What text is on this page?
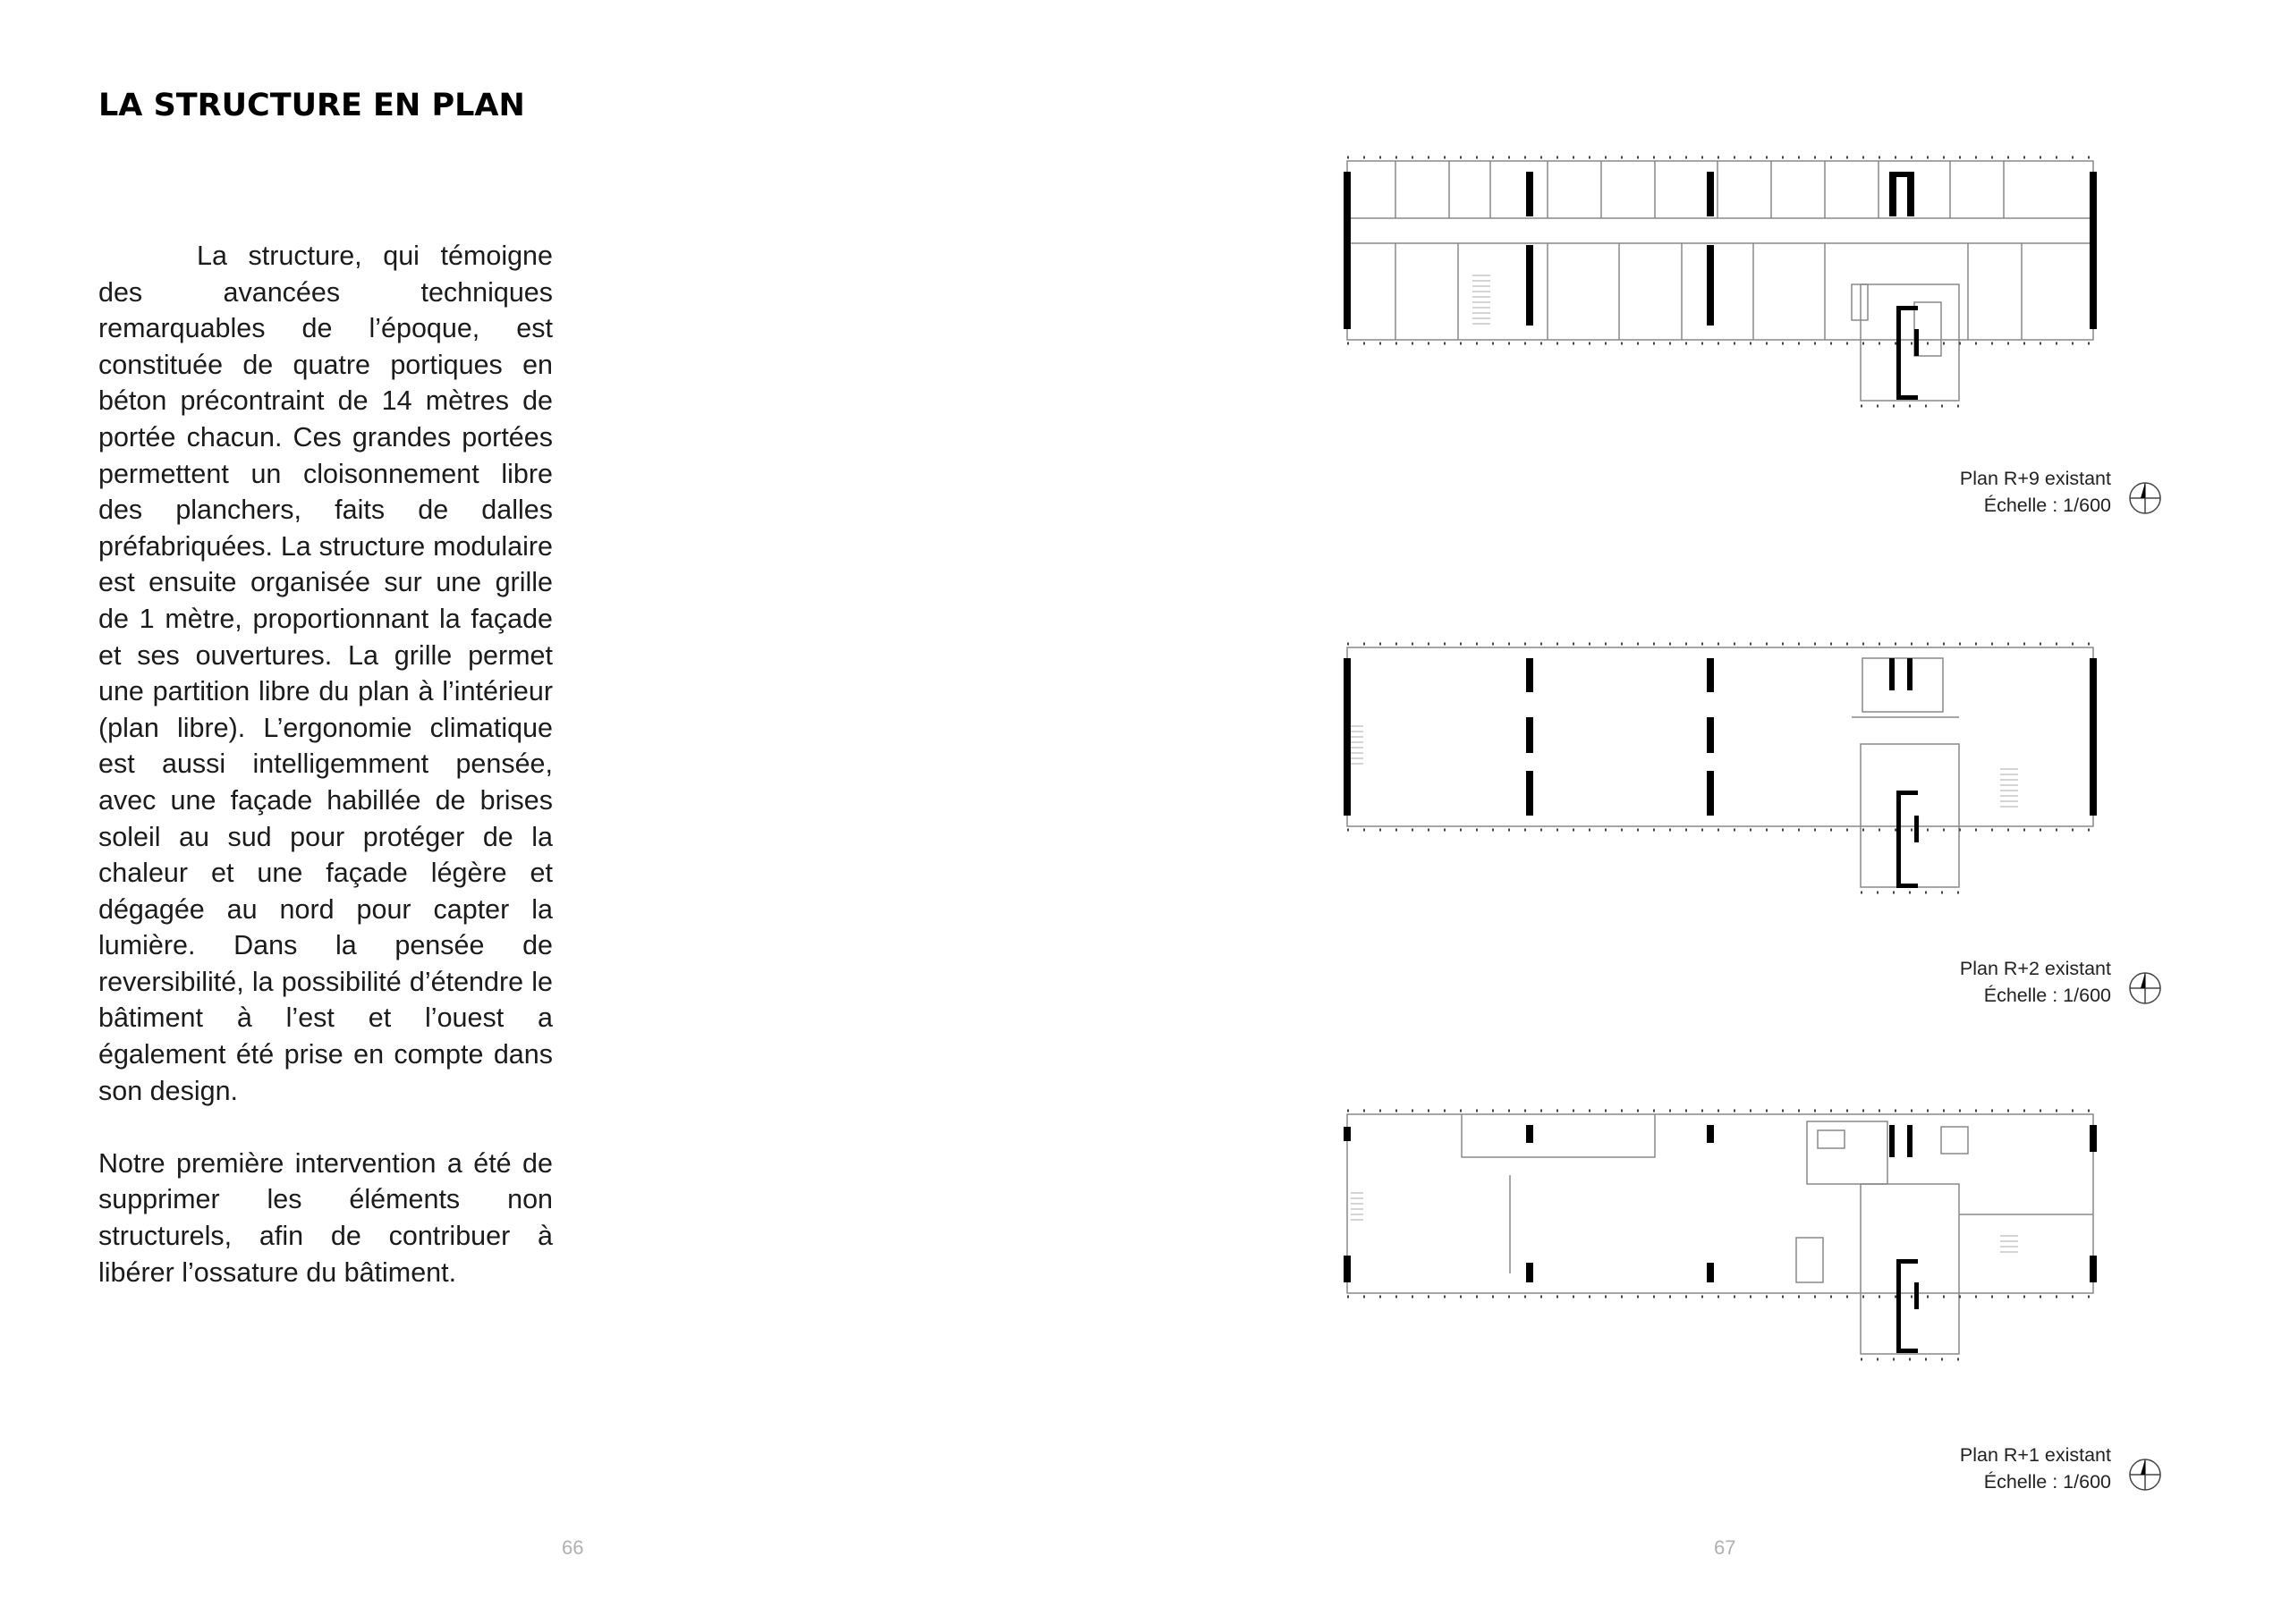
LA STRUCTURE EN PLAN

La structure, qui témoigne des avancées techniques remarquables de l’époque, est constituée de quatre portiques en béton précontraint de 14 mètres de portée chacun. Ces grandes portées permettent un cloisonnement libre des planchers, faits de dalles préfabriquées. La structure modulaire est ensuite organisée sur une grille de 1 mètre, proportionnant la façade et ses ouvertures. La grille permet une partition libre du plan à l’intérieur (plan libre). L’ergonomie climatique est aussi intelligemment pensée, avec une façade habillée de brises soleil au sud pour protéger de la chaleur et une façade légère et dégagée au nord pour capter la lumière. Dans la pensée de reversibilité, la possibilité d’étendre le bâtiment à l’est et l’ouest a également été prise en compte dans son design.

Notre première intervention a été de supprimer les éléments non structurels, afin de contribuer à libérer l’ossature du bâtiment.

66
Plan R+9 existant
Échelle : 1/600
Plan R+2 existant
Échelle : 1/600
Plan R+1 existant
Échelle : 1/600
67
